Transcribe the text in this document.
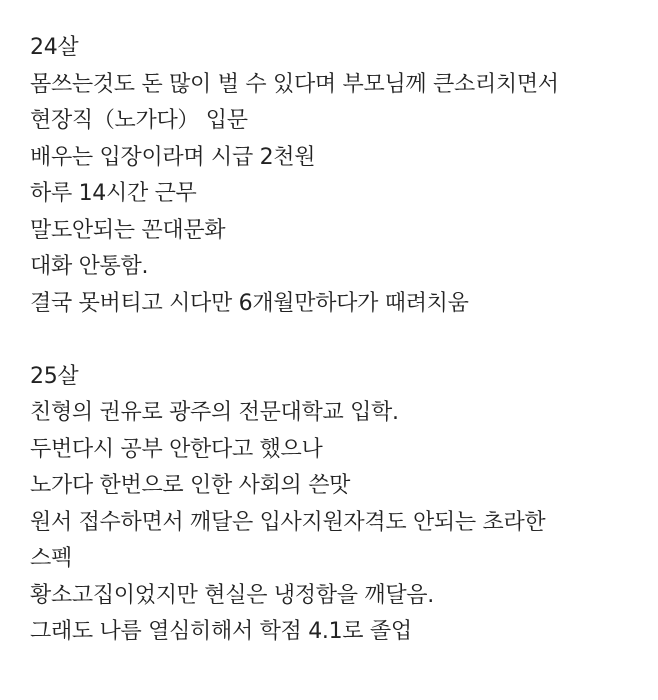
24살
몸쓰는것도 돈 많이 벌 수 있다며 부모님께 큰소리치면서
현장직（노가다） 입문
배우는 입장이라며 시급 2천원
하루 14시간 근무
말도안되는 꼰대문화
대화 안통함.
결국 못버티고 시다만 6개월만하다가 때려치움
25살
친형의 권유로 광주의 전문대학교 입학.
두번다시 공부 안한다고 했으나
노가다 한번으로 인한 사회의 쓴맛
원서 접수하면서 깨달은 입사지원자격도 안되는 초라한
스펙
황소고집이었지만 현실은 냉정함을 깨달음.
그래도 나름 열심히해서 학점 4.1로 졸업
